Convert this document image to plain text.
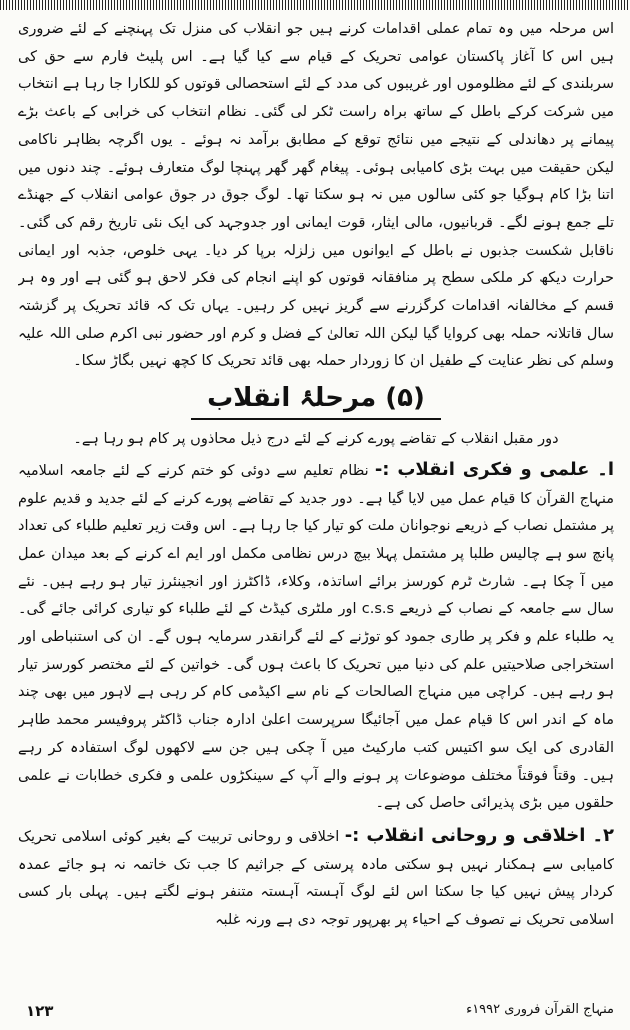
اس مرحلہ میں وہ تمام عملی اقدامات کرنے ہیں جو انقلاب کی منزل تک پہنچنے کے لئے ضروری ہیں اس کا آغاز پاکستان عوامی تحریک کے قیام سے کیا گیا ہے۔ اس پلیٹ فارم سے حق کی سربلندی کے لئے مظلوموں اور غریبوں کی مدد کے لئے استحصالی قوتوں کو للکارا جا رہا ہے انتخاب میں شرکت کرکے باطل کے ساتھ براہ راست ٹکر لی گئی۔ نظام انتخاب کی خرابی کے باعث بڑے پیمانے پر دھاندلی کے نتیجے میں نتائج توقع کے مطابق برآمد نہ ہوئے ۔ یوں اگرچہ بظاہر ناکامی لیکن حقیقت میں بہت بڑی کامیابی ہوئی۔ پیغام گھر گھر پہنچا لوگ متعارف ہوئے۔ چند دنوں میں اتنا بڑا کام ہوگیا جو کئی سالوں میں نہ ہو سکتا تھا۔ لوگ جوق در جوق عوامی انقلاب کے جھنڈے تلے جمع ہونے لگے۔ قربانیوں، مالی ایثار، قوت ایمانی اور جدوجہد کی ایک نئی تاریخ رقم کی گئی۔ ناقابل شکست جذبوں نے باطل کے ایوانوں میں زلزلہ برپا کر دیا۔ یہی خلوص، جذبہ اور ایمانی حرارت دیکھ کر ملکی سطح پر منافقانہ قوتوں کو اپنے انجام کی فکر لاحق ہو گئی ہے اور وہ ہر قسم کے مخالفانہ اقدامات کرگزرنے سے گریز نہیں کر رہیں۔ یہاں تک کہ قائد تحریک پر گزشتہ سال قاتلانہ حملہ بھی کروایا گیا لیکن اللہ تعالیٰ کے فضل و کرم اور حضور نبی اکرم صلی اللہ علیہ وسلم کی نظر عنایت کے طفیل ان کا زوردار حملہ بھی قائد تحریک کا کچھ نہیں بگاڑ سکا۔

(۵) مرحلۂ انقلاب

دور مقبل انقلاب کے تقاضے پورے کرنے کے لئے درج ذیل محاذوں پر کام ہو رہا ہے۔

ا۔ علمی و فکری انقلاب :- نظام تعلیم سے دوئی کو ختم کرنے کے لئے جامعہ اسلامیہ منہاج القرآن کا قیام عمل میں لایا گیا ہے۔ دور جدید کے تقاضے پورے کرنے کے لئے جدید و قدیم علوم پر مشتمل نصاب کے ذریعے نوجوانان ملت کو تیار کیا جا رہا ہے۔ اس وقت زیر تعلیم طلباء کی تعداد پانچ سو ہے چالیس طلبا پر مشتمل پہلا بیچ درس نظامی مکمل اور ایم اے کرنے کے بعد میدان عمل میں آ چکا ہے۔ شارٹ ٹرم کورسز برائے اساتذہ، وکلاء، ڈاکٹرز اور انجینئرز تیار ہو رہے ہیں۔ نئے سال سے جامعہ کے نصاب کے ذریعے c.s.s اور ملٹری کیڈٹ کے لئے طلباء کو تیاری کرائی جائے گی۔ یہ طلباء علم و فکر پر طاری جمود کو توڑنے کے لئے گرانقدر سرمایہ ہوں گے۔ ان کی استنباطی اور استخراجی صلاحیتیں علم کی دنیا میں تحریک کا باعث ہوں گی۔ خواتین کے لئے مختصر کورسز تیار ہو رہے ہیں۔ کراچی میں منہاج الصالحات کے نام سے اکیڈمی کام کر رہی ہے لاہور میں بھی چند ماہ کے اندر اس کا قیام عمل میں آجائیگا سرپرست اعلیٰ ادارہ جناب ڈاکٹر پروفیسر محمد طاہر القادری کی ایک سو اکتیس کتب مارکیٹ میں آ چکی ہیں جن سے لاکھوں لوگ استفادہ کر رہے ہیں۔ وقتاً فوقتاً مختلف موضوعات پر ہونے والے آپ کے سینکڑوں علمی و فکری خطابات نے علمی حلقوں میں بڑی پذیرائی حاصل کی ہے۔

۲۔ اخلاقی و روحانی انقلاب :- اخلاقی و روحانی تربیت کے بغیر کوئی اسلامی تحریک کامیابی سے ہمکنار نہیں ہو سکتی مادہ پرستی کے جراثیم کا جب تک خاتمہ نہ ہو جائے عمدہ کردار پیش نہیں کیا جا سکتا اس لئے لوگ آہستہ آہستہ متنفر ہونے لگتے ہیں۔ پہلی بار کسی اسلامی تحریک نے تصوف کے احیاء پر بھرپور توجہ دی ہے ورنہ غلبہ

منہاج القرآن فروری ۱۹۹۲ء
۱۲۳
